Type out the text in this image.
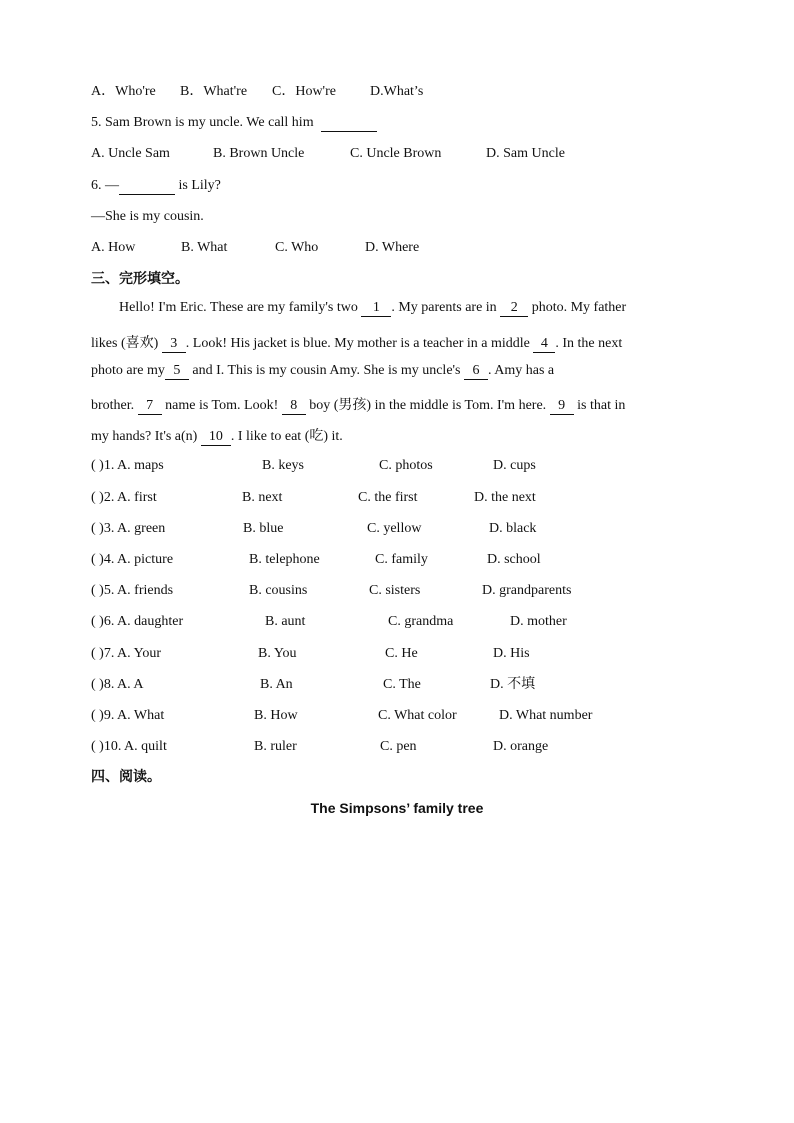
A．Who're B．What're C．How're D.What’s
5. Sam Brown is my uncle. We call him
A. Uncle Sam	B. Brown Uncle	C. Uncle Brown	D. Sam Uncle
6. —	is Lily?
—She is my cousin.
A. How	B. What	C. Who	D. Where
三、完形填空。
Hello! I'm Eric. These are my family's two 1 . My parents are in 2 photo. My father
likes (喜欢) 3 . Look! His jacket is blue. My mother is a teacher in a middle 4 . In the next
photo are my 5 and I. This is my cousin Amy. She is my uncle's 6 . Amy has a
brother. 7 name is Tom. Look! 8 boy (男孩) in the middle is Tom. I'm here. 9 is that in
my hands? It's a(n) 10 . I like to eat (吃) it.
( )1. A. maps	B. keys	C. photos	D. cups
( )2. A. first	B. next	C. the first	D. the next
( )3. A. green	B. blue	C. yellow	D. black
( )4. A. picture	B. telephone	C. family	D. school
( )5. A. friends	B. cousins	C. sisters	D. grandparents
( )6. A. daughter	B. aunt	C. grandma	D. mother
( )7. A. Your	B. You	C. He	D. His
( )8. A. A	B. An	C. The	D. 不填
( )9. A. What	B. How	C. What color	D. What number
( )10. A. quilt	B. ruler	C. pen	D. orange
四、阅读。
The Simpsons’ family tree
